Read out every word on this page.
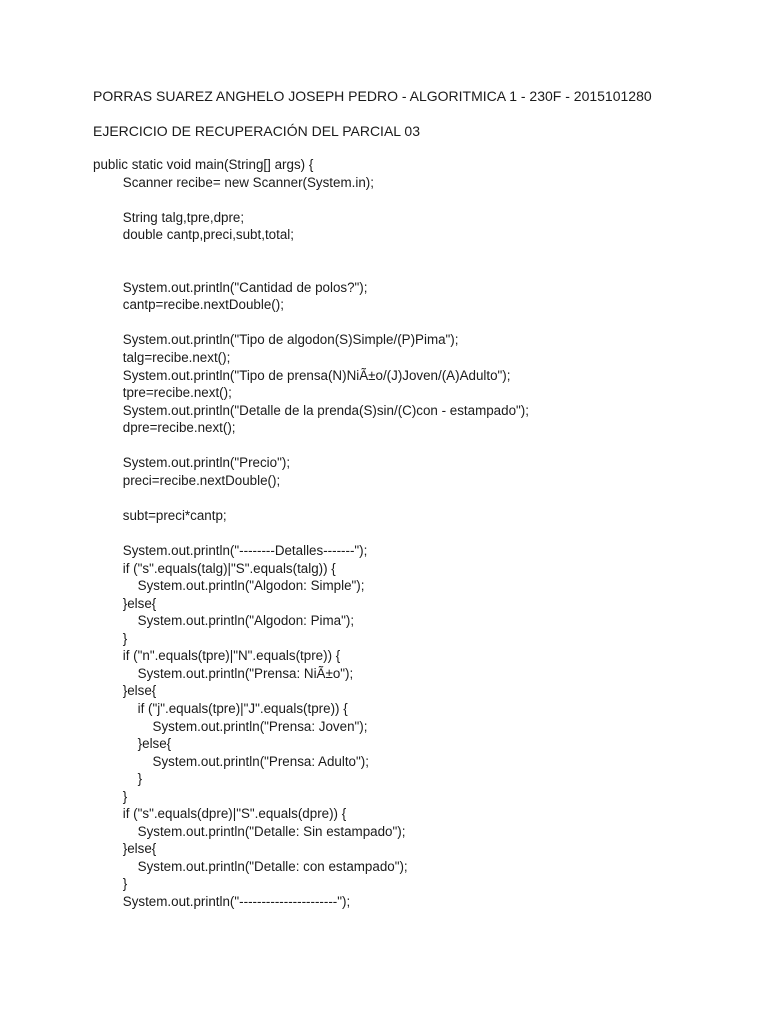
PORRAS SUAREZ ANGHELO JOSEPH PEDRO - ALGORITMICA 1 - 230F - 2015101280
EJERCICIO DE RECUPERACIÓN DEL PARCIAL 03
public static void main(String[] args) {
Scanner recibe= new Scanner(System.in);
String talg,tpre,dpre;
double cantp,preci,subt,total;
System.out.println("Cantidad de polos?");
cantp=recibe.nextDouble();
System.out.println("Tipo de algodon(S)Simple/(P)Pima");
talg=recibe.next();
System.out.println("Tipo de prensa(N)NiÃ±o/(J)Joven/(A)Adulto");
tpre=recibe.next();
System.out.println("Detalle de la prenda(S)sin/(C)con - estampado");
dpre=recibe.next();
System.out.println("Precio");
preci=recibe.nextDouble();
subt=preci*cantp;
System.out.println("--------Detalles-------");
if ("s".equals(talg)|"S".equals(talg)) {
System.out.println("Algodon: Simple");
}else{
System.out.println("Algodon: Pima");
}
if ("n".equals(tpre)|"N".equals(tpre)) {
System.out.println("Prensa: NiÃ±o");
}else{
if ("j".equals(tpre)|"J".equals(tpre)) {
System.out.println("Prensa: Joven");
}else{
System.out.println("Prensa: Adulto");
}
}
if ("s".equals(dpre)|"S".equals(dpre)) {
System.out.println("Detalle: Sin estampado");
}else{
System.out.println("Detalle: con estampado");
}
System.out.println("----------------------");
